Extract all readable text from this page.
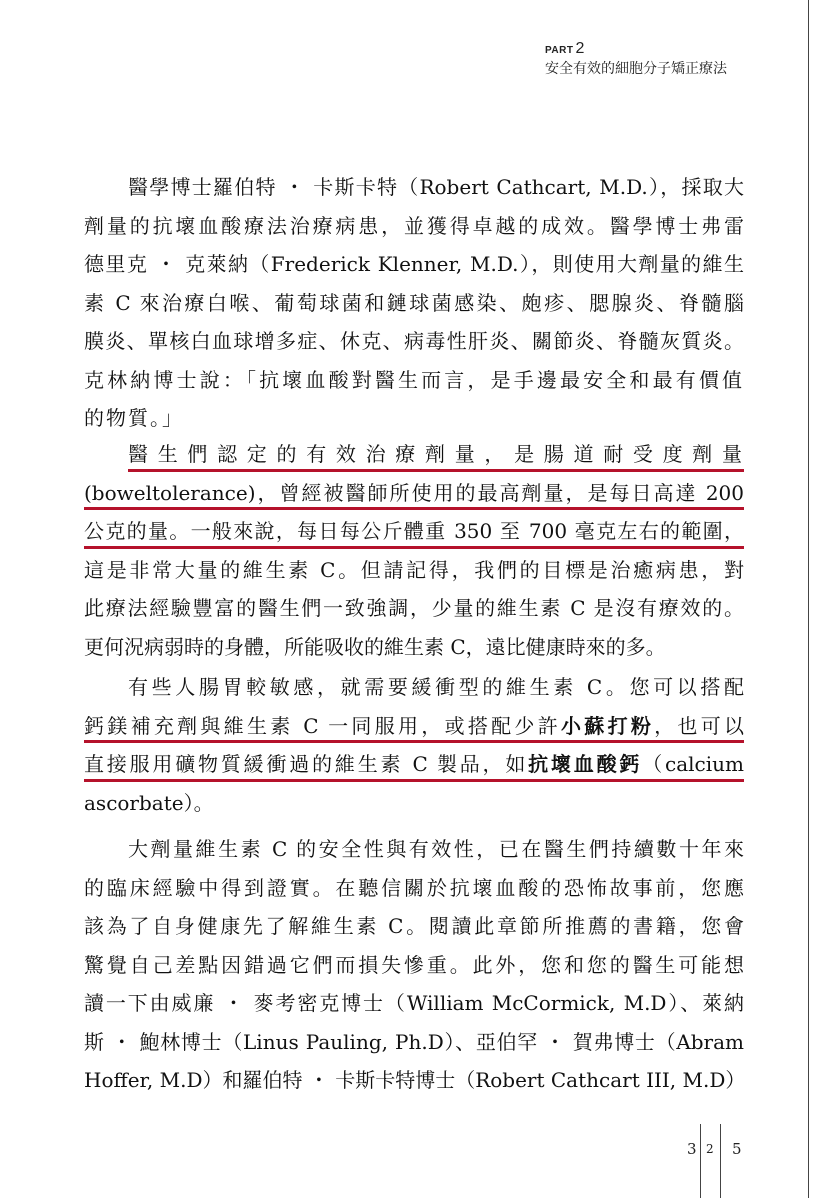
PART 2
安全有效的細胞分子矯正療法
醫學博士羅伯特 ・ 卡斯卡特（Robert Cathcart, M.D.），採取大
劑量的抗壞血酸療法治療病患，並獲得卓越的成效。醫學博士弗雷
德里克 ・ 克萊納（Frederick Klenner, M.D.），則使用大劑量的維生
素 C 來治療白喉、葡萄球菌和鏈球菌感染、皰疹、腮腺炎、脊髓腦
膜炎、單核白血球增多症、休克、病毒性肝炎、關節炎、脊髓灰質炎。
克林納博士說：「抗壞血酸對醫生而言，是手邊最安全和最有價值
的物質。」
醫生們認定的有效治療劑量，是腸道耐受度劑量
(boweltolerance)，曾經被醫師所使用的最高劑量，是每日高達 200
公克的量。一般來說，每日每公斤體重 350 至 700 毫克左右的範圍，
這是非常大量的維生素 C。但請記得，我們的目標是治癒病患，對
此療法經驗豐富的醫生們一致強調，少量的維生素 C 是沒有療效的。
更何況病弱時的身體，所能吸收的維生素 C，遠比健康時來的多。
有些人腸胃較敏感，就需要緩衝型的維生素 C。您可以搭配
鈣鎂補充劑與維生素 C 一同服用，或搭配少許小蘇打粉，也可以
直接服用礦物質緩衝過的維生素 C 製品，如抗壞血酸鈣（calcium
ascorbate）。
大劑量維生素 C 的安全性與有效性，已在醫生們持續數十年來
的臨床經驗中得到證實。在聽信關於抗壞血酸的恐怖故事前，您應
該為了自身健康先了解維生素 C。閱讀此章節所推薦的書籍，您會
驚覺自己差點因錯過它們而損失慘重。此外，您和您的醫生可能想
讀一下由威廉 ・ 麥考密克博士（William McCormick, M.D）、萊納
斯 ・ 鮑林博士（Linus Pauling, Ph.D）、亞伯罕 ・ 賀弗博士（Abram
Hoffer, M.D）和羅伯特 ・ 卡斯卡特博士（Robert Cathcart III, M.D）
3 2 5
